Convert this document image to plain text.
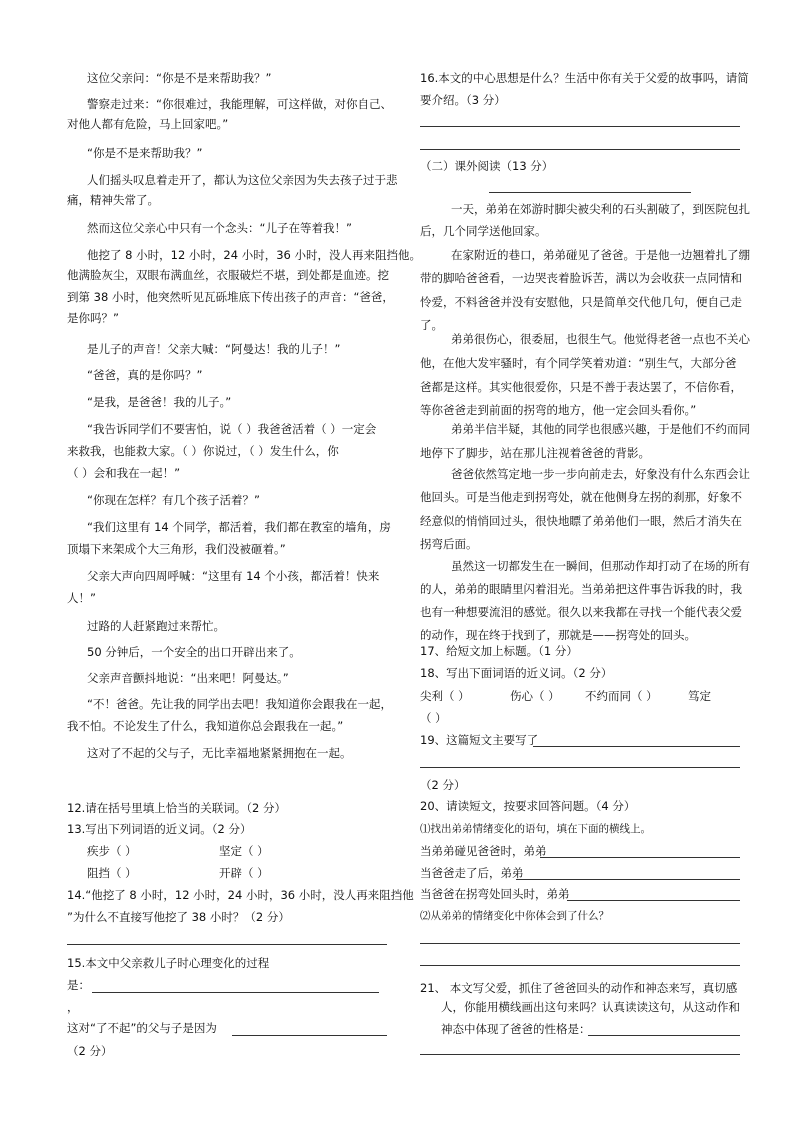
这位父亲问：“你是不是来帮助我？”
警察走过来：“你很难过，我能理解，可这样做，对你自己、
对他人都有危险，马上回家吧。”
“你是不是来帮助我？”
人们摇头叹息着走开了，都认为这位父亲因为失去孩子过于悲
痛，精神失常了。
然而这位父亲心中只有一个念头：“儿子在等着我！”
他挖了 8 小时，12 小时，24 小时，36 小时，没人再来阻挡他。
他满脸灰尘，双眼布满血丝，衣服破烂不堪，到处都是血迹。挖
到第 38 小时，他突然听见瓦砾堆底下传出孩子的声音：“爸爸，
是你吗？”
是儿子的声音！父亲大喊：“阿曼达！我的儿子！”
“爸爸，真的是你吗？”
“是我，是爸爸！我的儿子。”
“我告诉同学们不要害怕，说（ ）我爸爸活着（ ）一定会
来救我，也能救大家。（ ）你说过，（ ）发生什么，你
（ ）会和我在一起！”
“你现在怎样？有几个孩子活着？”
“我们这里有 14 个同学，都活着，我们都在教室的墙角，房
顶塌下来架成个大三角形，我们没被砸着。”
父亲大声向四周呼喊：“这里有 14 个小孩，都活着！快来
人！”
过路的人赶紧跑过来帮忙。
50 分钟后，一个安全的出口开辟出来了。
父亲声音颤抖地说：“出来吧！阿曼达。”
“不！爸爸。先让我的同学出去吧！我知道你会跟我在一起，
我不怕。不论发生了什么，我知道你总会跟我在一起。”
这对了不起的父与子，无比幸福地紧紧拥抱在一起。
12.请在括号里填上恰当的关联词。（2 分）
13.写出下列词语的近义词。（2 分）
疾步（ ）	坚定（ ）
阻挡（ ）	开辟（ ）
14.“他挖了 8 小时，12 小时，24 小时，36 小时，没人再来阻挡他
”为什么不直接写他挖了 38 小时？（2 分）
15.本文中父亲救儿子时心理变化的过程
是：
，
这对“了不起”的父与子是因为
（2 分）
16.本文的中心思想是什么？生活中你有关于父爱的故事吗，请简
要介绍。（3 分）
（二）课外阅读（13 分）
一天，弟弟在郊游时脚尖被尖利的石头割破了，到医院包扎
后，几个同学送他回家。
在家附近的巷口，弟弟碰见了爸爸。于是他一边翘着扎了绷
带的脚哈爸爸看，一边哭丧着脸诉苦，满以为会收获一点同情和
怜爱，不料爸爸并没有安慰他，只是简单交代他几句，便自己走
了。
弟弟很伤心，很委屈，也很生气。他觉得老爸一点也不关心
他，在他大发牢骚时，有个同学笑着劝道：“别生气，大部分爸
爸都是这样。其实他很爱你，只是不善于表达罢了，不信你看，
等你爸爸走到前面的拐弯的地方，他一定会回头看你。”
弟弟半信半疑，其他的同学也很感兴趣，于是他们不约而同
地停下了脚步，站在那儿注视着爸爸的背影。
爸爸依然笃定地一步一步向前走去，好象没有什么东西会让
他回头。可是当他走到拐弯处，就在他侧身左拐的刹那，好象不
经意似的悄悄回过头，很快地瞟了弟弟他们一眼，然后才消失在
拐弯后面。
虽然这一切都发生在一瞬间，但那动作却打动了在场的所有
的人，弟弟的眼睛里闪着泪光。当弟弟把这件事告诉我的时，我
也有一种想要流泪的感觉。很久以来我都在寻找一个能代表父爱
的动作，现在终于找到了，那就是——拐弯处的回头。
17、给短文加上标题。（1 分）
18、写出下面词语的近义词。（2 分）
尖利（ ）	伤心（ ） 不约而同（ ）	笃定
（ ）
19、这篇短文主要写了
（2 分）
20、请读短文，按要求回答问题。（4 分）
⑴找出弟弟情绪变化的语句，填在下面的横线上。
当弟弟碰见爸爸时，弟弟
当爸爸走了后，弟弟
当爸爸在拐弯处回头时，弟弟
⑵从弟弟的情绪变化中你体会到了什么？
21、 本文写父爱，抓住了爸爸回头的动作和神态来写，真切感
人，你能用横线画出这句来吗？认真读读这句，从这动作和
神态中体现了爸爸的性格是：
